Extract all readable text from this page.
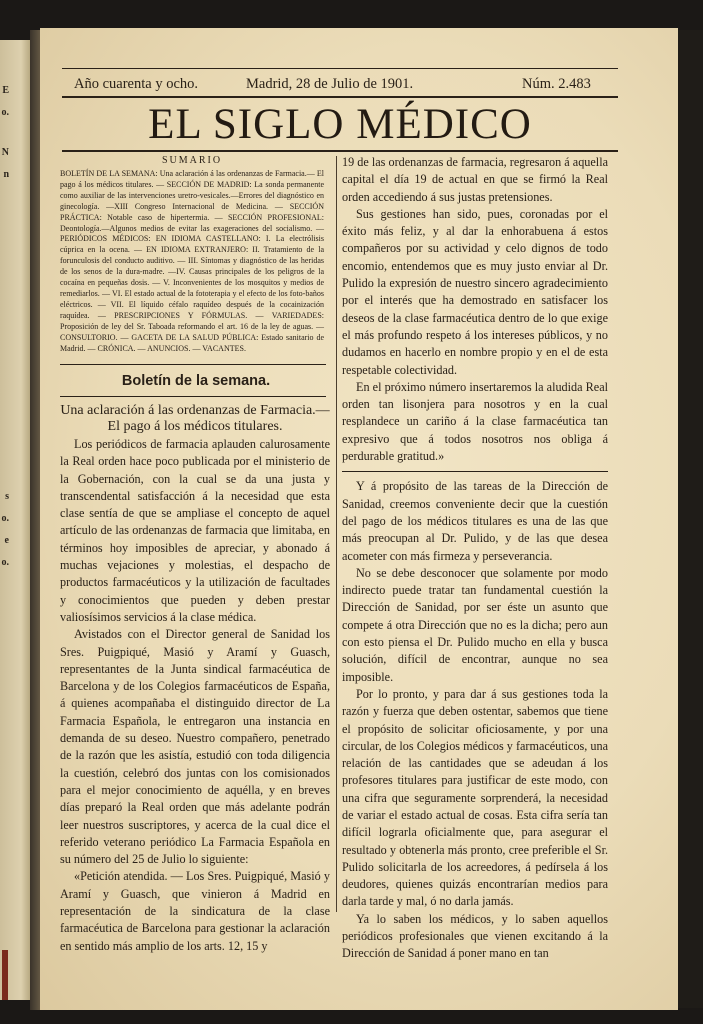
E
o.
N
n
s
o.
e
o.
Año cuarenta y ocho.	Madrid, 28 de Julio de 1901.	Núm. 2.483
EL SIGLO MÉDICO
SUMARIO

BOLETÍN DE LA SEMANA: Una aclaración á las ordenanzas de Farmacia.— El pago á los médicos titulares. — SECCIÓN DE MADRID: La sonda permanente como auxiliar de las intervenciones uretro-vesicales.—Errores del diagnóstico en ginecología. —XIII Congreso Internacional de Medicina. — SECCIÓN PRÁCTICA: Notable caso de hipertermia. — SECCIÓN PROFESIONAL: Deontología.—Algunos medios de evitar las exageraciones del socialismo. — PERIÓDICOS MÉDICOS: EN IDIOMA CASTELLANO: I. La electrólisis cúprica en la ocena. — EN IDIOMA EXTRANJERO: II. Tratamiento de la forunculosis del conducto auditivo. — III. Síntomas y diagnóstico de las heridas de los senos de la dura-madre. —IV. Causas principales de los peligros de la cocaína en pequeñas dosis. — V. Inconvenientes de los mosquitos y medios de remediarlos. — VI. El estado actual de la fototerapia y el efecto de los foto-baños eléctricos. — VII. El líquido céfalo raquídeo después de la cocainización raquídea. — PRESCRIPCIONES Y FÓRMULAS. — VARIEDADES: Proposición de ley del Sr. Taboada reformando el art. 16 de la ley de aguas. — CONSULTORIO. — GACETA DE LA SALUD PÚBLICA: Estado sanitario de Madrid. — CRÓNICA. — ANUNCIOS. — VACANTES.

Boletín de la semana.
Una aclaración á las ordenanzas de Farmacia.—El pago á los médicos titulares.

Los periódicos de farmacia aplauden calurosamente la Real orden hace poco publicada por el ministerio de la Gobernación, con la cual se da una justa y transcendental satisfacción á la necesidad que esta clase sentía de que se ampliase el concepto de aquel artículo de las ordenanzas de farmacia que limitaba, en términos hoy imposibles de apreciar, y abonado á muchas vejaciones y molestias, el despacho de productos farmacéuticos y la utilización de facultades y conocimientos que pueden y deben prestar valiosísimos servicios á la clase médica.

Avistados con el Director general de Sanidad los Sres. Puigpiqué, Masió y Aramí y Guasch, representantes de la Junta sindical farmacéutica de Barcelona y de los Colegios farmacéuticos de España, á quienes acompañaba el distinguido director de La Farmacia Española, le entregaron una instancia en demanda de su deseo. Nuestro compañero, penetrado de la razón que les asistía, estudió con toda diligencia la cuestión, celebró dos juntas con los comisionados para el mejor conocimiento de aquélla, y en breves días preparó la Real orden que más adelante podrán leer nuestros suscriptores, y acerca de la cual dice el referido veterano periódico La Farmacia Española en su número del 25 de Julio lo siguiente:

«Petición atendida. — Los Sres. Puigpiqué, Masió y Aramí y Guasch, que vinieron á Madrid en representación de la sindicatura de la clase farmacéutica de Barcelona para gestionar la aclaración en sentido más amplio de los arts. 12, 15 y

19 de las ordenanzas de farmacia, regresaron á aquella capital el día 19 de actual en que se firmó la Real orden accediendo á sus justas pretensiones.

Sus gestiones han sido, pues, coronadas por el éxito más feliz, y al dar la enhorabuena á estos compañeros por su actividad y celo dignos de todo encomio, entendemos que es muy justo enviar al Dr. Pulido la expresión de nuestro sincero agradecimiento por el interés que ha demostrado en satisfacer los deseos de la clase farmacéutica dentro de lo que exige el más profundo respeto á los intereses públicos, y no dudamos en hacerlo en nombre propio y en el de esta respetable colectividad.

En el próximo número insertaremos la aludida Real orden tan lisonjera para nosotros y en la cual resplandece un cariño á la clase farmacéutica tan expresivo que á todos nosotros nos obliga á perdurable gratitud.»

Y á propósito de las tareas de la Dirección de Sanidad, creemos conveniente decir que la cuestión del pago de los médicos titulares es una de las que más preocupan al Dr. Pulido, y de las que desea acometer con más firmeza y perseverancia.

No se debe desconocer que solamente por modo indirecto puede tratar tan fundamental cuestión la Dirección de Sanidad, por ser éste un asunto que compete á otra Dirección que no es la dicha; pero aun con esto piensa el Dr. Pulido mucho en ella y busca solución, difícil de encontrar, aunque no sea imposible.

Por lo pronto, y para dar á sus gestiones toda la razón y fuerza que deben ostentar, sabemos que tiene el propósito de solicitar oficiosamente, y por una circular, de los Colegios médicos y farmacéuticos, una relación de las cantidades que se adeudan á los profesores titulares para justificar de este modo, con una cifra que seguramente sorprenderá, la necesidad de variar el estado actual de cosas. Esta cifra sería tan difícil lograrla oficialmente que, para asegurar el resultado y obtenerla más pronto, cree preferible el Sr. Pulido solicitarla de los acreedores, á pedírsela á los deudores, quienes quizás encontrarían medios para darla tarde y mal, ó no darla jamás.

Ya lo saben los médicos, y lo saben aquellos periódicos profesionales que vienen excitando á la Dirección de Sanidad á poner mano en tan
